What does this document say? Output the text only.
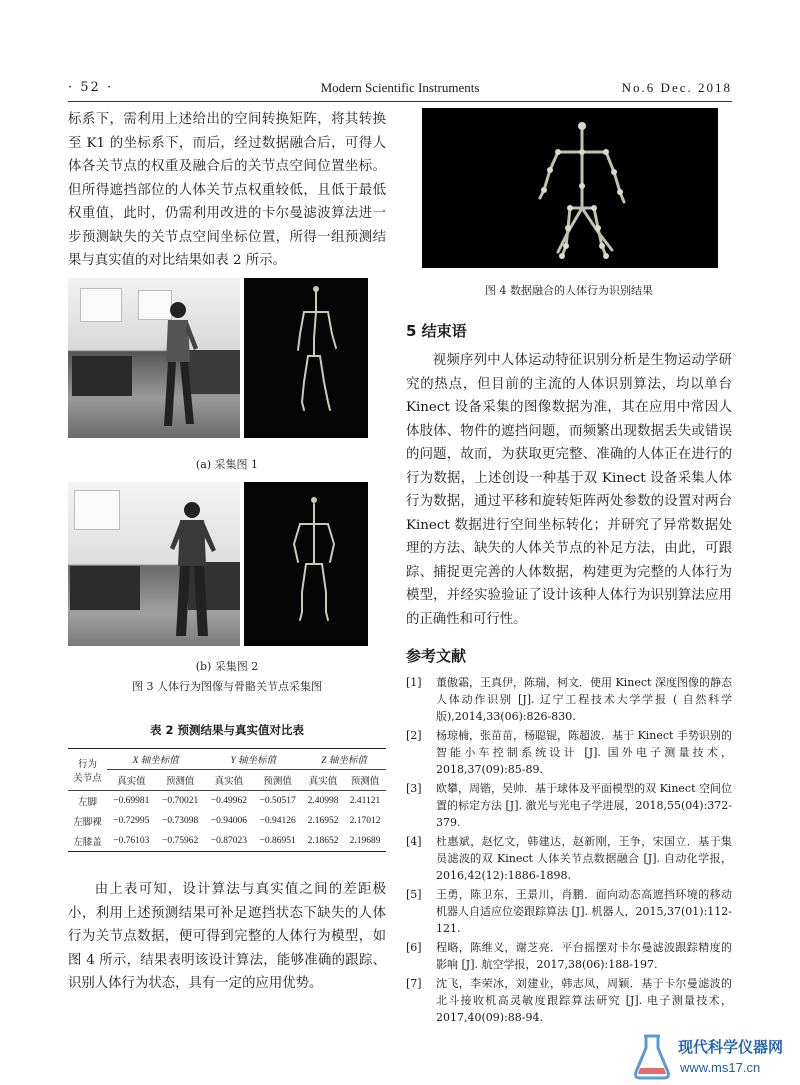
· 52 ·	Modern Scientific Instruments	No.6 Dec. 2018
标系下，需利用上述给出的空间转换矩阵，将其转换至 K1 的坐标系下，而后，经过数据融合后，可得人体各关节点的权重及融合后的关节点空间位置坐标。但所得遮挡部位的人体关节点权重较低，且低于最低权重值，此时，仍需利用改进的卡尔曼滤波算法进一步预测缺失的关节点空间坐标位置，所得一组预测结果与真实值的对比结果如表 2 所示。
(a) 采集图 1
(b) 采集图 2
图 3 人体行为图像与骨骼关节点采集图
表 2 预测结果与真实值对比表
行为
关节点	X 轴坐标值		Y 轴坐标值		Z 轴坐标值	
	真实值	预测值	真实值	预测值	真实值	预测值
左脚	−0.69981	−0.70021	−0.49962	−0.50517	2.40998	2.41121
左脚裸	−0.72995	−0.73098	−0.94006	−0.94126	2.16952	2.17012
左膝盖	−0.76103	−0.75962	−0.87023	−0.86951	2.18652	2.19689
由上表可知，设计算法与真实值之间的差距极小，利用上述预测结果可补足遮挡状态下缺失的人体行为关节点数据，便可得到完整的人体行为模型，如图 4 所示，结果表明该设计算法，能够准确的跟踪、识别人体行为状态，具有一定的应用优势。
图 4 数据融合的人体行为识别结果
5 结束语
视频序列中人体运动特征识别分析是生物运动学研究的热点，但目前的主流的人体识别算法，均以单台 Kinect 设备采集的图像数据为准，其在应用中常因人体肢体、物件的遮挡问题，而频繁出现数据丢失或错误的问题，故而，为获取更完整、准确的人体正在进行的行为数据，上述创设一种基于双 Kinect 设备采集人体行为数据，通过平移和旋转矩阵两处参数的设置对两台 Kinect 数据进行空间坐标转化；并研究了异常数据处理的方法、缺失的人体关节点的补足方法，由此，可跟踪、捕捉更完善的人体数据，构建更为完整的人体行为模型，并经实验验证了设计该种人体行为识别算法应用的正确性和可行性。
参考文献
[1] 董傲霜，王真伊，陈瑞，柯文．使用 Kinect 深度图像的静态人体动作识别 [J]. 辽宁工程技术大学学报 ( 自然科学版),2014,33(06):826-830.
[2] 杨琼楠，张苗苗，杨聪锟，陈超波．基于 Kinect 手势识别的智能小车控制系统设计 [J]. 国外电子测量技术，2018,37(09):85-89.
[3] 欧攀，周锴，吴帅．基于球体及平面模型的双 Kinect 空间位置的标定方法 [J]. 激光与光电子学进展，2018,55(04):372-379.
[4] 杜惠斌，赵忆文，韩建达，赵新刚，王争，宋国立．基于集员滤波的双 Kinect 人体关节点数据融合 [J]. 自动化学报，2016,42(12):1886-1898.
[5] 王勇，陈卫东，王景川，肖鹏．面向动态高遮挡环境的移动机器人自适应位姿跟踪算法 [J]. 机器人，2015,37(01):112-121.
[6] 程略，陈维义，谢芝亮．平台摇摆对卡尔曼滤波跟踪精度的影响 [J]. 航空学报，2017,38(06):188-197.
[7] 沈飞，李荣冰，刘建业，韩志凤，周颖．基于卡尔曼滤波的北斗接收机高灵敏度跟踪算法研究 [J]. 电子测量技术，2017,40(09):88-94.
现代科学仪器网
www.ms17.cn
